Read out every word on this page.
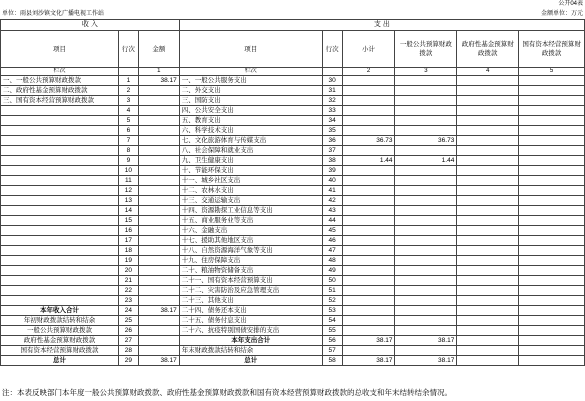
单位：雨县刘沙镇文化广播电视工作站
公开04表
金额单位：万元
收 入			支 出					
项目	行次	金额	项目	行次	小计	一般公共预算财政拨款	政府性基金预算财政拨款	国有资本经营预算财政拨款
栏次		1	栏次		2	3	4	5
一、一般公共预算财政拨款	1	38.17	一、一般公共服务支出	30				
二、政府性基金预算财政拨款	2		二、外交支出	31				
三、国有资本经营预算财政拨款	3		三、国防支出	32				
	4		四、公共安全支出	33				
	5		五、教育支出	34				
	6		六、科学技术支出	35				
	7		七、文化旅游体育与传媒支出	36	36.73	36.73		
	8		八、社会保障和就业支出	37				
	9		九、卫生健康支出	38	1.44	1.44		
	10		十、节能环保支出	39				
	11		十一、城乡社区支出	40				
	12		十二、农林水支出	41				
	13		十三、交通运输支出	42				
	14		十四、资源勘探工业信息等支出	43				
	15		十五、商业服务业等支出	44				
	16		十六、金融支出	45				
	17		十七、援助其他地区支出	46				
	18		十八、自然资源海洋气象等支出	47				
	19		十九、住房保障支出	48				
	20		二十、粮油物资储备支出	49				
	21		二十一、国有资本经营预算支出	50				
	22		二十二、灾害防治及应急管理支出	51				
	23		二十三、其他支出	52				
本年收入合计	24	38.17	二十四、债务还本支出	53				
年初财政拨款结转和结余	25		二十五、债务付息支出	54				
一般公共预算财政拨款	26		二十六、抗疫特别国债安排的支出	55				
政府性基金预算财政拨款	27		本年支出合计	56	38.17	38.17		
国有资本经营预算财政拨款	28		年末财政拨款结转和结余	57				
总计	29	38.17	总计	58	38.17	38.17		
注：本表反映部门本年度一般公共预算财政拨款、政府性基金预算财政拨款和国有资本经营预算财政拨款的总收支和年末结转结余情况。
